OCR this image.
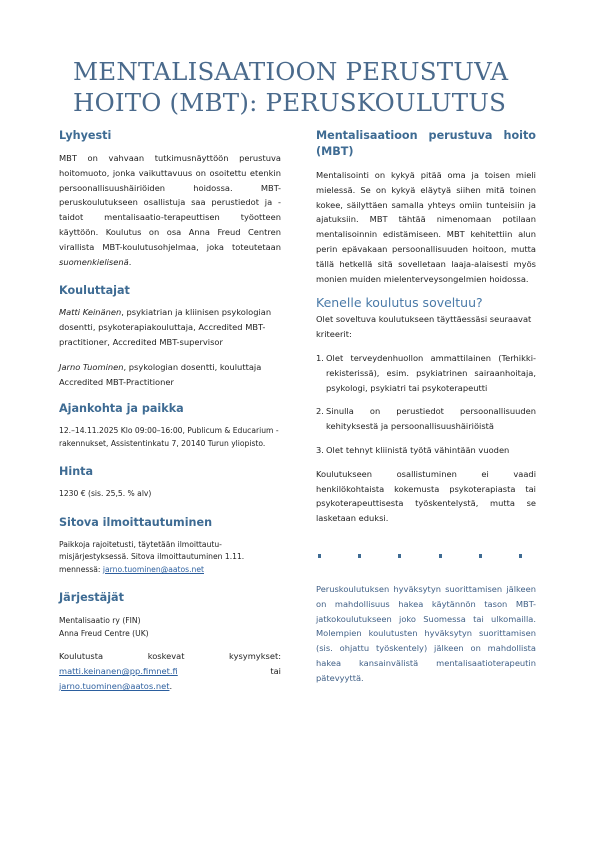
MENTALISAATIOON PERUSTUVA HOITO (MBT): PERUSKOULUTUS
Lyhyesti

MBT on vahvaan tutkimusnäyttöön perustuva hoitomuoto, jonka vaikuttavuus on osoitettu etenkin persoonallisuushäiriöiden hoidossa. MBT-peruskoulutukseen osallistuja saa perustiedot ja -taidot mentalisaatio-terapeuttisen työotteen käyttöön. Koulutus on osa Anna Freud Centren virallista MBT-koulutusohjelmaa, joka toteutetaan suomenkielisenä.

Kouluttajat

Matti Keinänen, psykiatrian ja kliinisen psykologian dosentti, psykoterapiakouluttaja, Accredited MBT-practitioner, Accredited MBT-supervisor

Jarno Tuominen, psykologian dosentti, kouluttaja Accredited MBT-Practitioner

Ajankohta ja paikka

12.–14.11.2025 Klo 09:00–16:00, Publicum & Educarium -rakennukset, Assistentinkatu 7, 20140 Turun yliopisto.

Hinta

1230 € (sis. 25,5. % alv)

Sitova ilmoittautuminen

Paikkoja rajoitetusti, täytetään ilmoittautu-misjärjestyksessä. Sitova ilmoittautuminen 1.11. mennessä: jarno.tuominen@aatos.net

Järjestäjät

Mentalisaatio ry (FIN)

Anna Freud Centre (UK)

Koulutusta koskevat kysymykset:

matti.keinanen@pp.fimnet.fi	tai

jarno.tuominen@aatos.net.

Mentalisaatioon perustuva hoito (MBT)

Mentalisointi on kykyä pitää oma ja toisen mieli mielessä. Se on kykyä eläytyä siihen mitä toinen kokee, säilyttäen samalla yhteys omiin tunteisiin ja ajatuksiin. MBT tähtää nimenomaan potilaan mentalisoinnin edistämiseen. MBT kehitettiin alun perin epävakaan persoonallisuuden hoitoon, mutta tällä hetkellä sitä sovelletaan laaja-alaisesti myös monien muiden mielenterveysongelmien hoidossa.

Kenelle koulutus soveltuu?

Olet soveltuva koulutukseen täyttäessäsi seuraavat kriteerit:

1. Olet terveydenhuollon ammattilainen (Terhikki-rekisterissä), esim. psykiatrinen sairaanhoitaja, psykologi, psykiatri tai psykoterapeutti
2. Sinulla on perustiedot persoonallisuuden kehityksestä ja persoonallisuushäiriöistä
3. Olet tehnyt kliinistä työtä vähintään vuoden

Koulutukseen osallistuminen ei vaadi henkilökohtaista kokemusta psykoterapiasta tai psykoterapeuttisesta työskentelystä, mutta se lasketaan eduksi.

Peruskoulutuksen hyväksytyn suorittamisen jälkeen on mahdollisuus hakea käytännön tason MBT-jatkokoulutukseen joko Suomessa tai ulkomailla. Molempien koulutusten hyväksytyn suorittamisen (sis. ohjattu työskentely) jälkeen on mahdollista hakea kansainvälistä mentalisaatioterapeutin pätevyyttä.
